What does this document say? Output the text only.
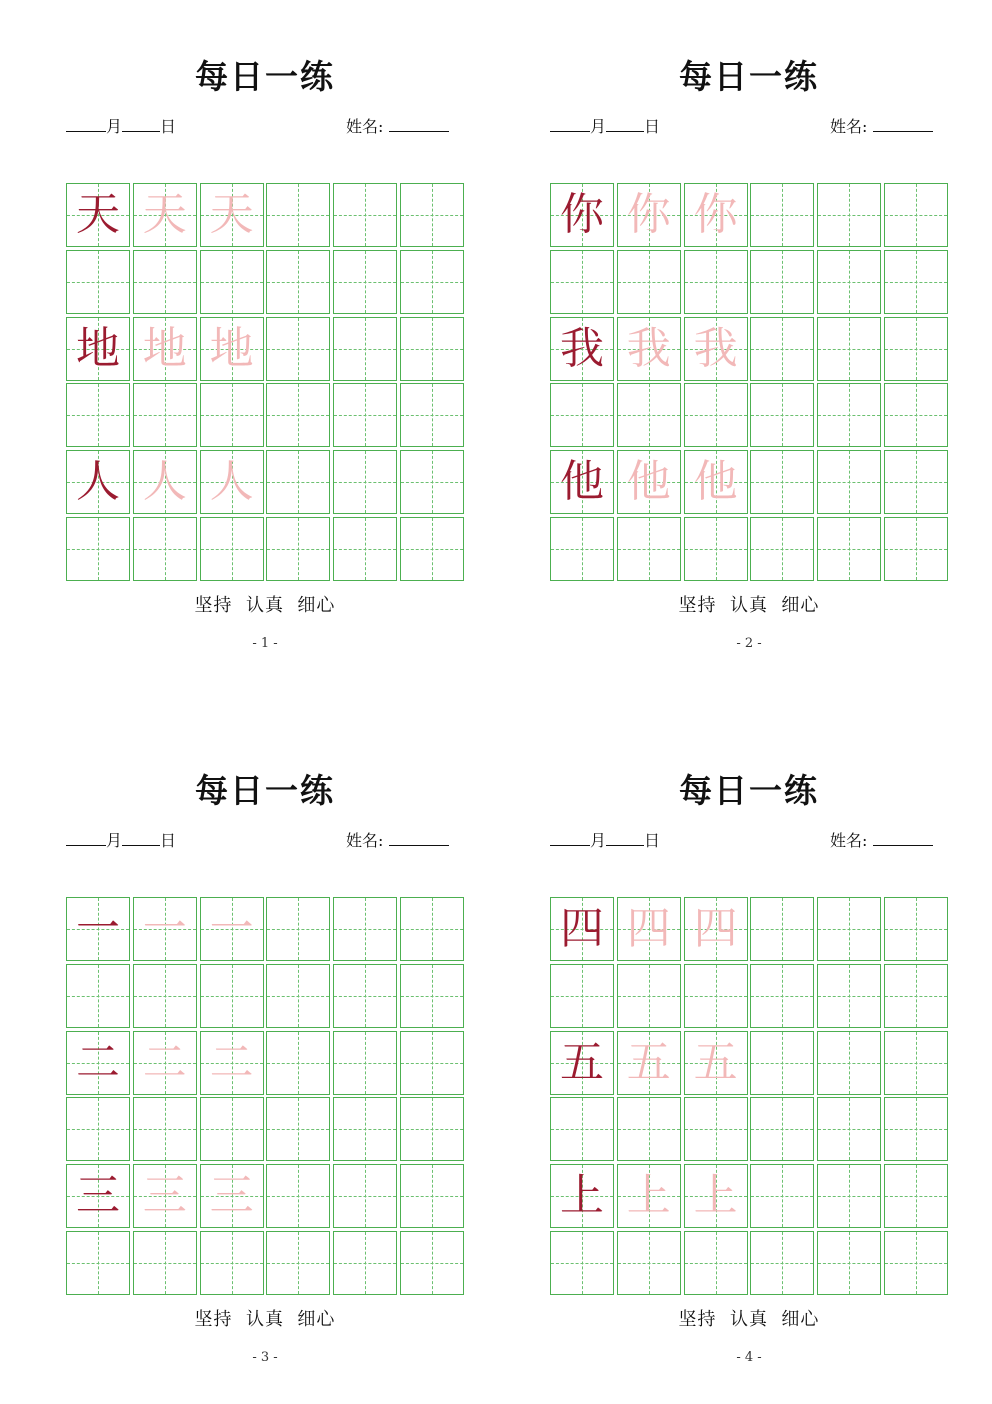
每日一练
月 日	姓名:
天 天 天
地 地 地
人 人 人
坚持  认真  细心
- 1 -
每日一练
月 日	姓名:
你 你 你
我 我 我
他 他 他
坚持  认真  细心
- 2 -
每日一练
月 日	姓名:
一 一 一
二 二 二
三 三 三
坚持  认真  细心
- 3 -
每日一练
月 日	姓名:
四 四 四
五 五 五
上 上 上
坚持  认真  细心
- 4 -
